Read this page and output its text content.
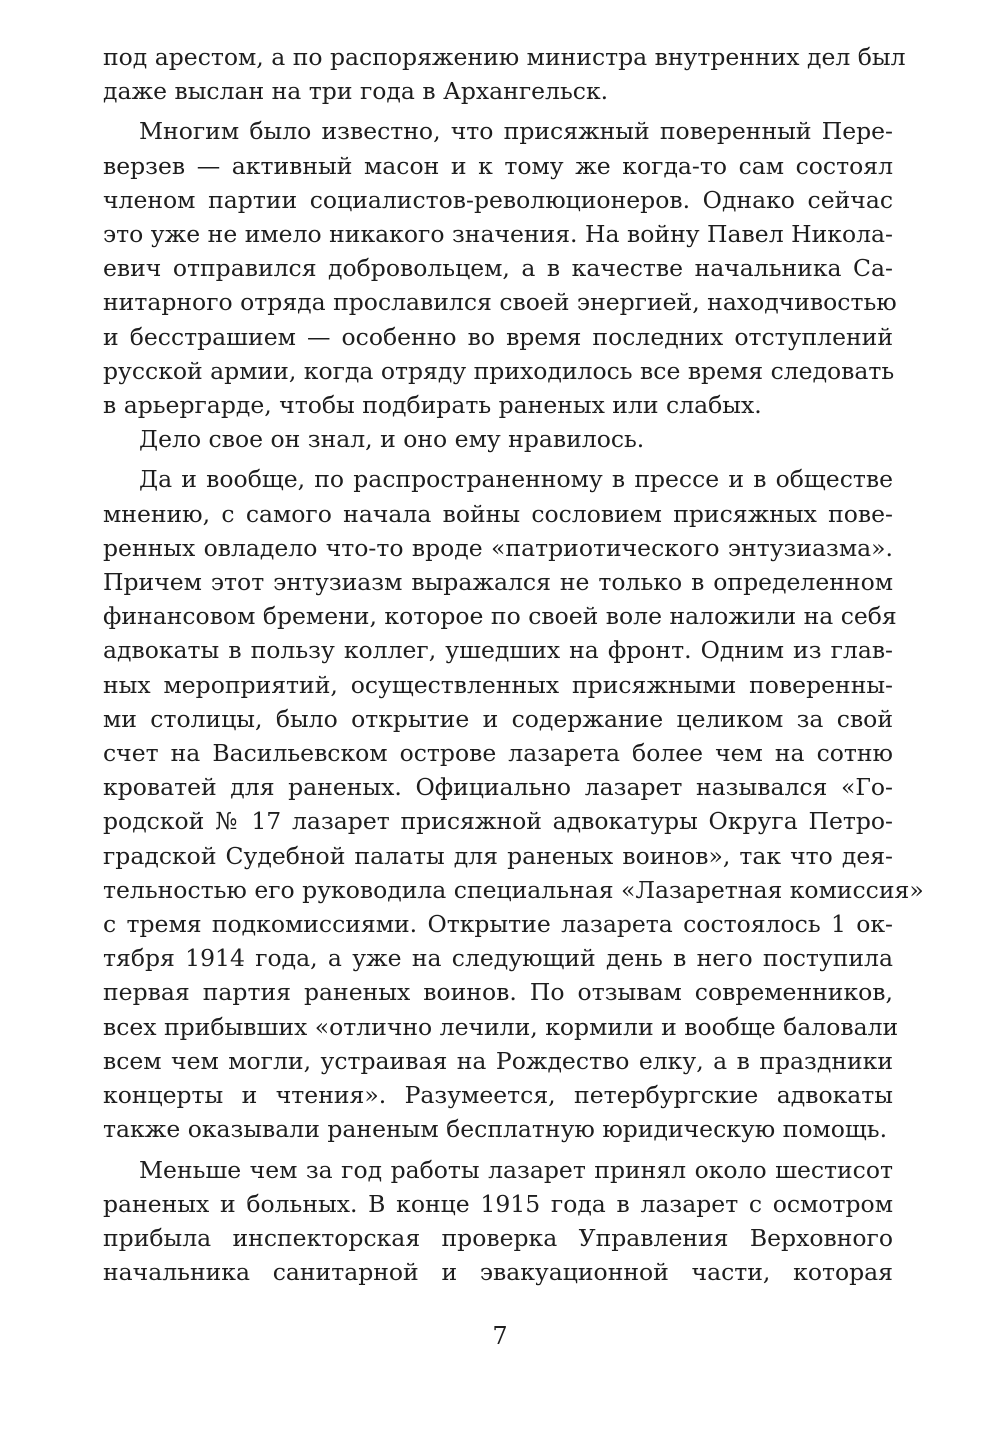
под арестом, а по распоряжению министра внутренних дел был
даже выслан на три года в Архангельск.
Многим было известно, что присяжный поверенный Пере-
верзев — активный масон и к тому же когда-то сам состоял
членом партии социалистов-революционеров. Однако сейчас
это уже не имело никакого значения. На войну Павел Никола-
евич отправился добровольцем, а в качестве начальника Са-
нитарного отряда прославился своей энергией, находчивостью
и бесстрашием — особенно во время последних отступлений
русской армии, когда отряду приходилось все время следовать
в арьергарде, чтобы подбирать раненых или слабых.
Дело свое он знал, и оно ему нравилось.
Да и вообще, по распространенному в прессе и в обществе
мнению, с самого начала войны сословием присяжных пове-
ренных овладело что-то вроде «патриотического энтузиазма».
Причем этот энтузиазм выражался не только в определенном
финансовом бремени, которое по своей воле наложили на себя
адвокаты в пользу коллег, ушедших на фронт. Одним из глав-
ных мероприятий, осуществленных присяжными поверенны-
ми столицы, было открытие и содержание целиком за свой
счет на Васильевском острове лазарета более чем на сотню
кроватей для раненых. Официально лазарет назывался «Го-
родской № 17 лазарет присяжной адвокатуры Округа Петро-
градской Судебной палаты для раненых воинов», так что дея-
тельностью его руководила специальная «Лазаретная комиссия»
с тремя подкомиссиями. Открытие лазарета состоялось 1 ок-
тября 1914 года, а уже на следующий день в него поступила
первая партия раненых воинов. По отзывам современников,
всех прибывших «отлично лечили, кормили и вообще баловали
всем чем могли, устраивая на Рождество елку, а в праздники
концерты и чтения». Разумеется, петербургские адвокаты
также оказывали раненым бесплатную юридическую помощь.
Меньше чем за год работы лазарет принял около шестисот
раненых и больных. В конце 1915 года в лазарет с осмотром
прибыла инспекторская проверка Управления Верховного
начальника санитарной и эвакуационной части, которая
7
